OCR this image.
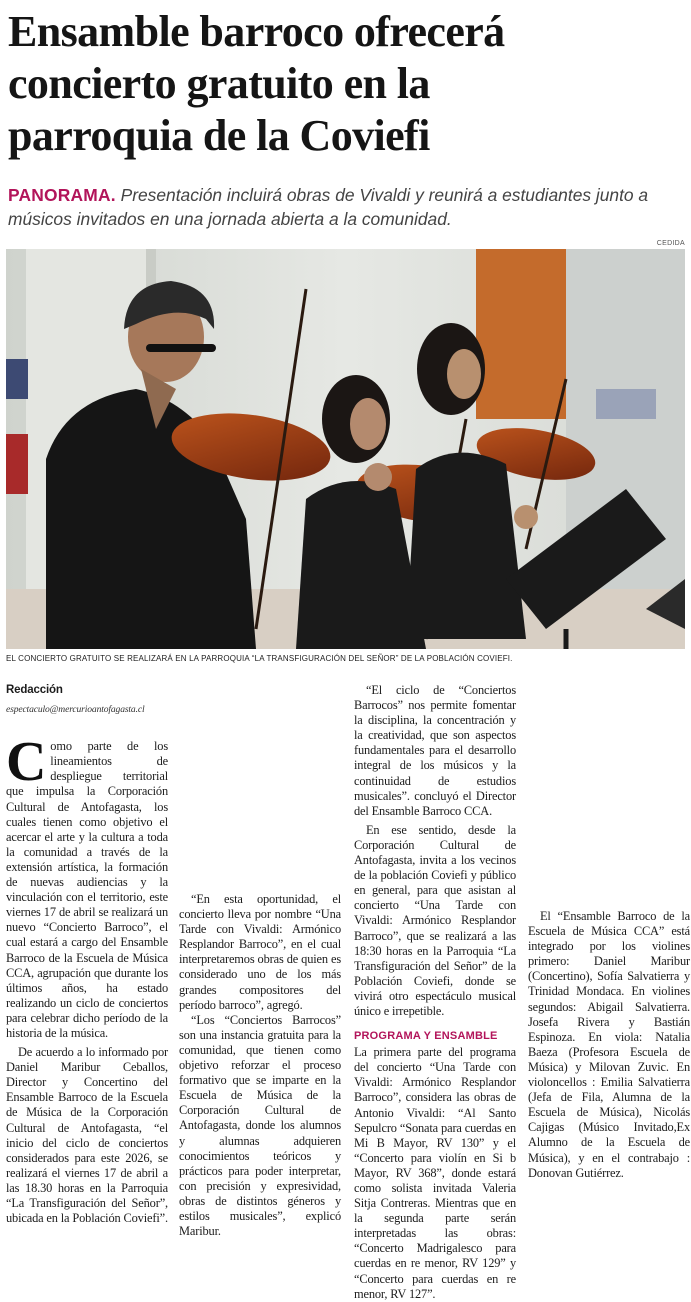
Ensamble barroco ofrecerá
concierto gratuito en la
parroquia de la Coviefi
PANORAMA. Presentación incluirá obras de Vivaldi y reunirá a estudiantes junto a músicos invitados en una jornada abierta a la comunidad.
CEDIDA
EL CONCIERTO GRATUITO SE REALIZARÁ EN LA PARROQUIA “LA TRANSFIGURACIÓN DEL SEÑOR” DE LA POBLACIÓN COVIEFI.
Redacción
espectaculo@mercurioantofagasta.cl

Como parte de los lineamientos de despliegue territorial que impulsa la Corporación Cultural de Antofagasta, los cuales tienen como objetivo el acercar el arte y la cultura a toda la comunidad a través de la extensión artística, la formación de nuevas audiencias y la vinculación con el territorio, este viernes 17 de abril se realizará un nuevo “Concierto Barroco”, el cual estará a cargo del Ensamble Barroco de la Escuela de Música CCA, agrupación que durante los últimos años, ha estado realizando un ciclo de conciertos para celebrar dicho período de la historia de la música.

De acuerdo a lo informado por Daniel Maribur Ceballos, Director y Concertino del Ensamble Barroco de la Escuela de Música de la Corporación Cultural de Antofagasta, “el inicio del ciclo de conciertos considerados para este 2026, se realizará el viernes 17 de abril a las 18.30 horas en la Parroquia “La Transfiguración del Señor”, ubicada en la Población Coviefi”.

“En esta oportunidad, el concierto lleva por nombre “Una Tarde con Vivaldi: Armónico Resplandor Barroco”, en el cual interpretaremos obras de quien es considerado uno de los más grandes compositores del período barroco”, agregó.

“Los “Conciertos Barrocos” son una instancia gratuita para la comunidad, que tienen como objetivo reforzar el proceso formativo que se imparte en la Escuela de Música de la Corporación Cultural de Antofagasta, donde los alumnos y alumnas adquieren conocimientos teóricos y prácticos para poder interpretar, con precisión y expresividad, obras de distintos géneros y estilos musicales”, explicó Maribur.

“El ciclo de “Conciertos Barrocos” nos permite fomentar la disciplina, la concentración y la creatividad, que son aspectos fundamentales para el desarrollo integral de los músicos y la continuidad de estudios musicales”. concluyó el Director del Ensamble Barroco CCA.

En ese sentido, desde la Corporación Cultural de Antofagasta, invita a los vecinos de la población Coviefi y público en general, para que asistan al concierto “Una Tarde con Vivaldi: Armónico Resplandor Barroco”, que se realizará a las 18:30 horas en la Parroquia “La Transfiguración del Señor” de la Población Coviefi, donde se vivirá otro espectáculo musical único e irrepetible.

PROGRAMA Y ENSAMBLE

La primera parte del programa del concierto “Una Tarde con Vivaldi: Armónico Resplandor Barroco”, considera las obras de Antonio Vivaldi: “Al Santo Sepulcro “Sonata para cuerdas en Mi B Mayor, RV 130” y el “Concerto para violín en Si b Mayor, RV 368”, donde estará como solista invitada Valeria Sitja Contreras. Mientras que en la segunda parte serán interpretadas las obras: “Concerto Madrigalesco para cuerdas en re menor, RV 129” y “Concerto para cuerdas en re menor, RV 127”.

El “Ensamble Barroco de la Escuela de Música CCA” está integrado por los violines primero: Daniel Maribur (Concertino), Sofía Salvatierra y Trinidad Mondaca. En violines segundos: Abigail Salvatierra. Josefa Rivera y Bastián Espinoza. En viola: Natalia Baeza (Profesora Escuela de Música) y Milovan Zuvic. En violoncellos : Emilia Salvatierra (Jefa de Fila, Alumna de la Escuela de Música), Nicolás Cajigas (Músico Invitado,Ex Alumno de la Escuela de Música), y en el contrabajo : Donovan Gutiérrez.
